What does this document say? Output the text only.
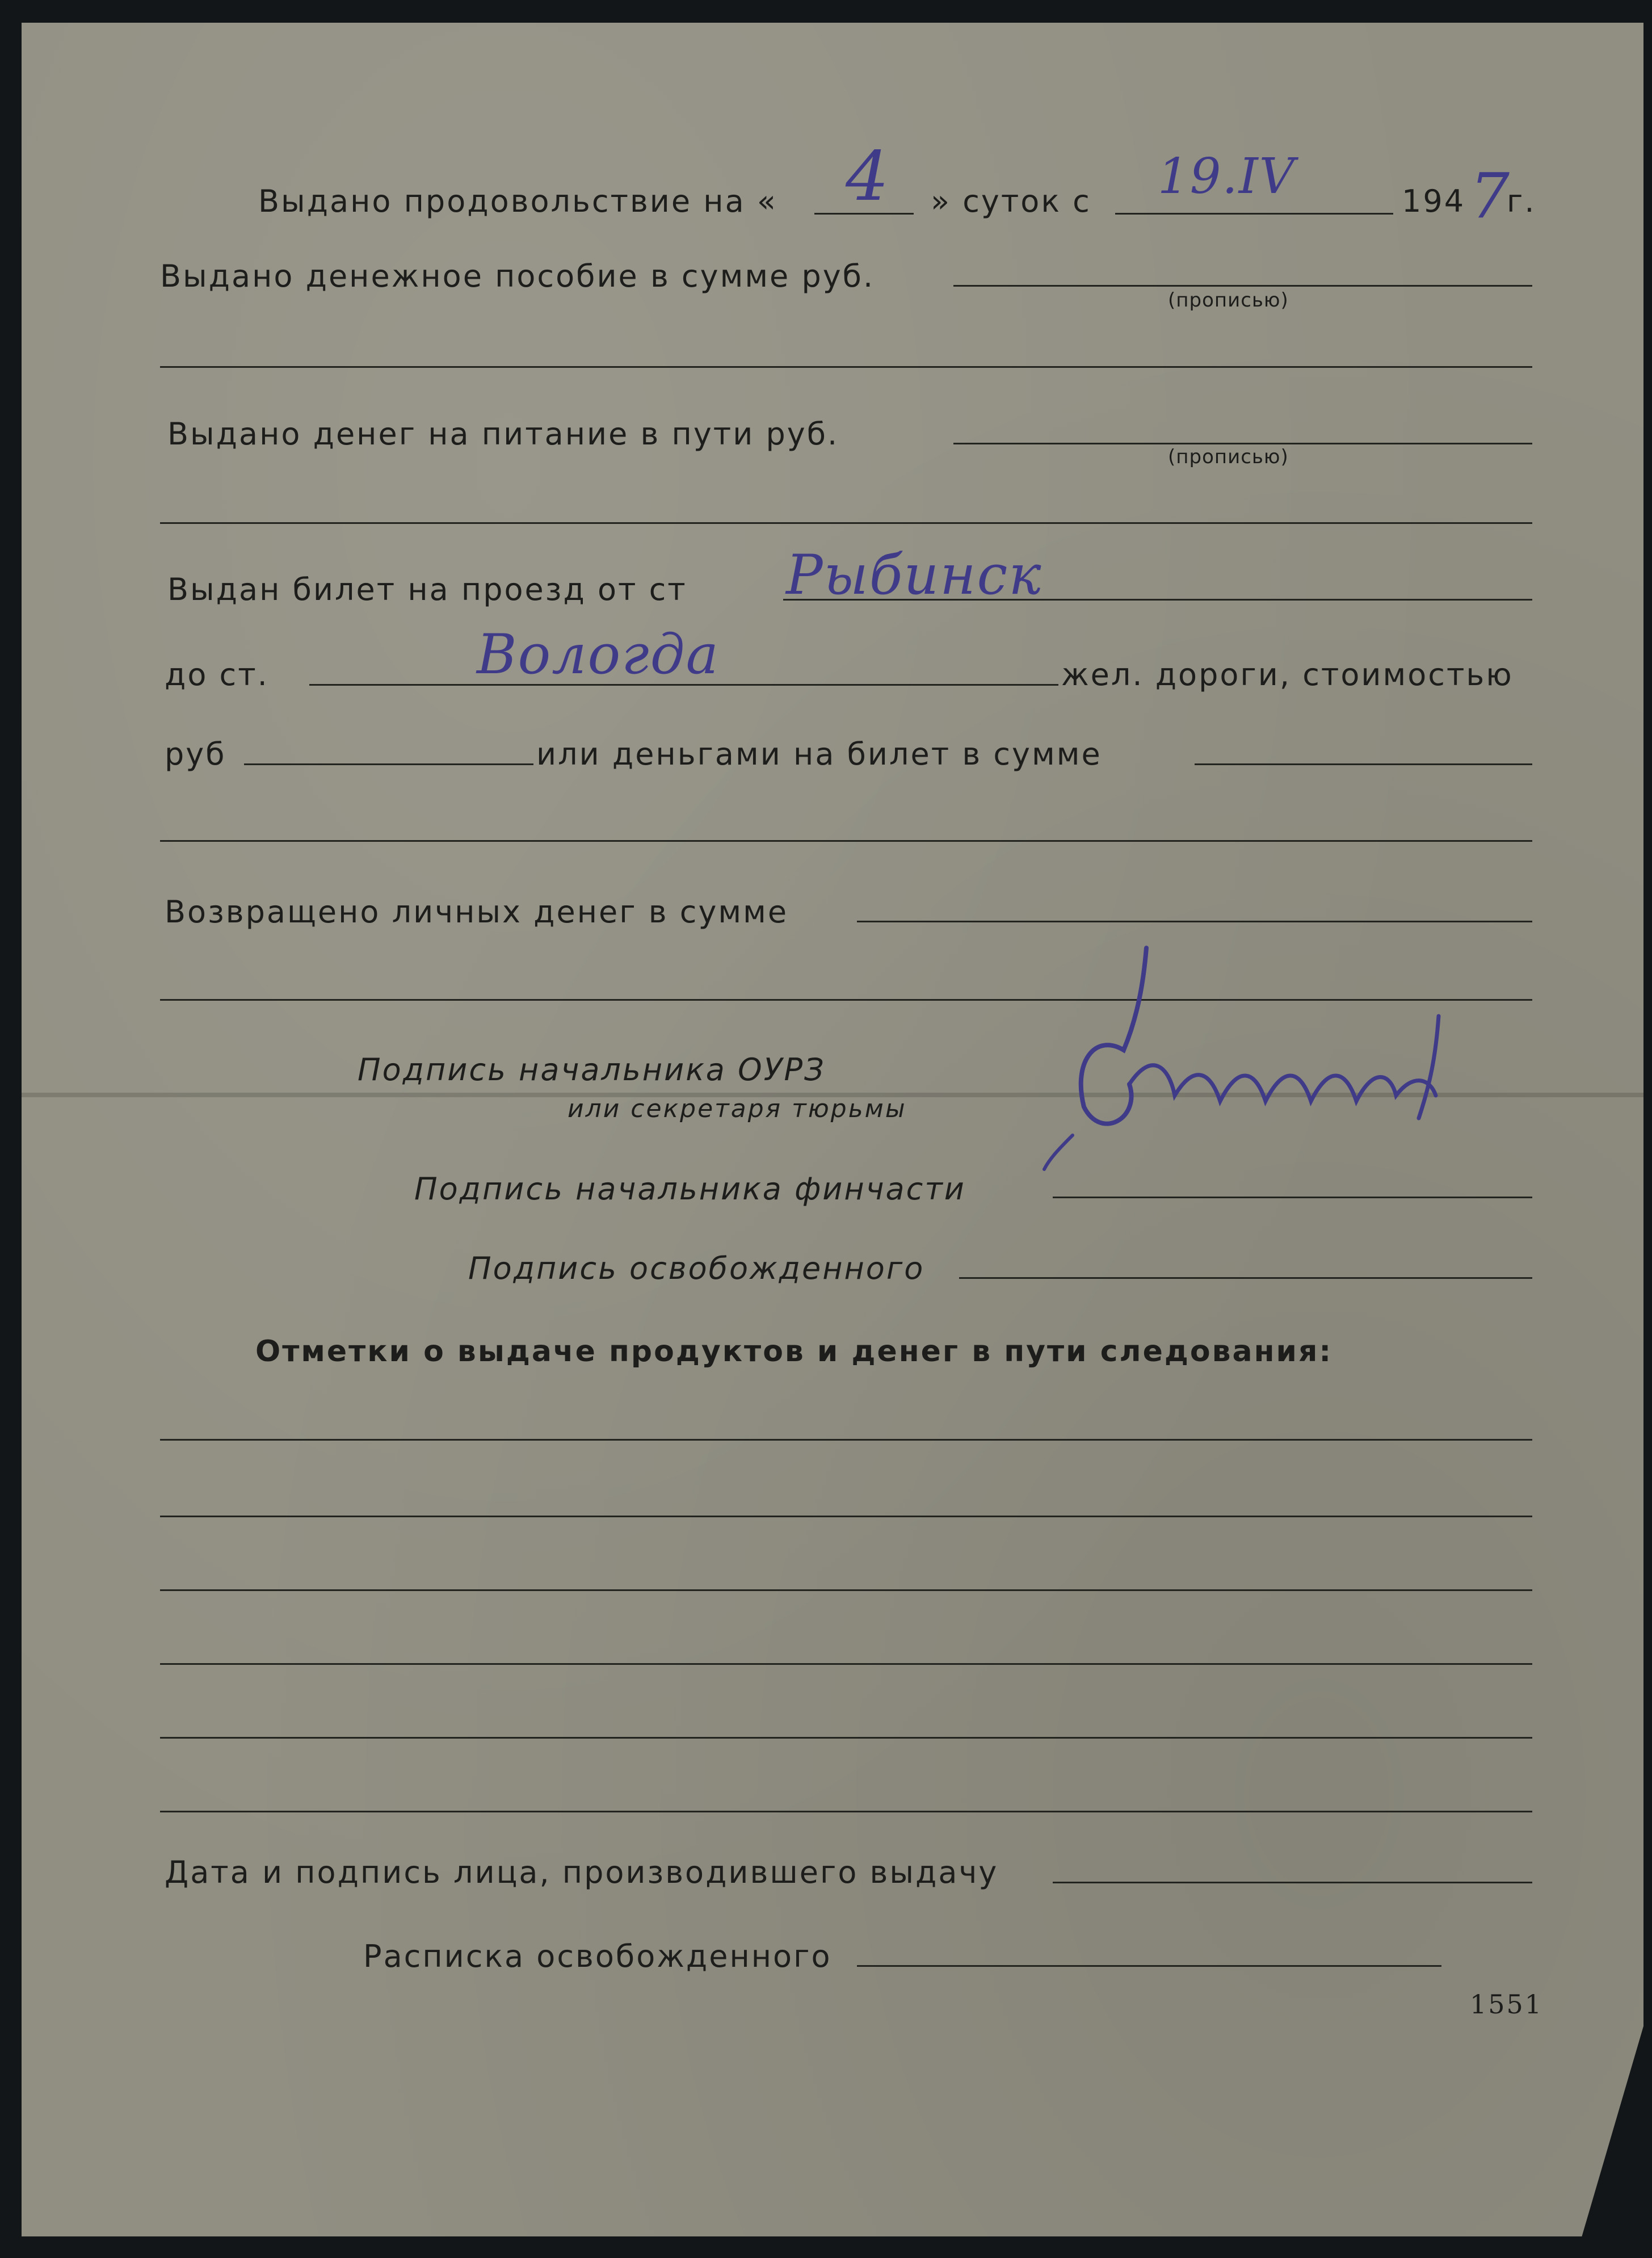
Выдано продовольствие на « 4 » суток с 19.IV	194 7

г.

Выдано денежное пособие в сумме руб.

(прописью)

Выдано денег на питание в пути руб.

(прописью)

Выдан билет на проезд от ст Рыбинск

до ст.	Вологда	жел. дороги, стоимостью

руб	или деньгами на билет в сумме

Возвращено личных денег в сумме

Подпись начальника ОУРЗ

или секретаря тюрьмы

Подпись начальника финчасти

Подпись освобожденного

Отметки о выдаче продуктов и денег в пути следования:

Дата и подпись лица, производившего выдачу

Расписка освобожденного

1551
